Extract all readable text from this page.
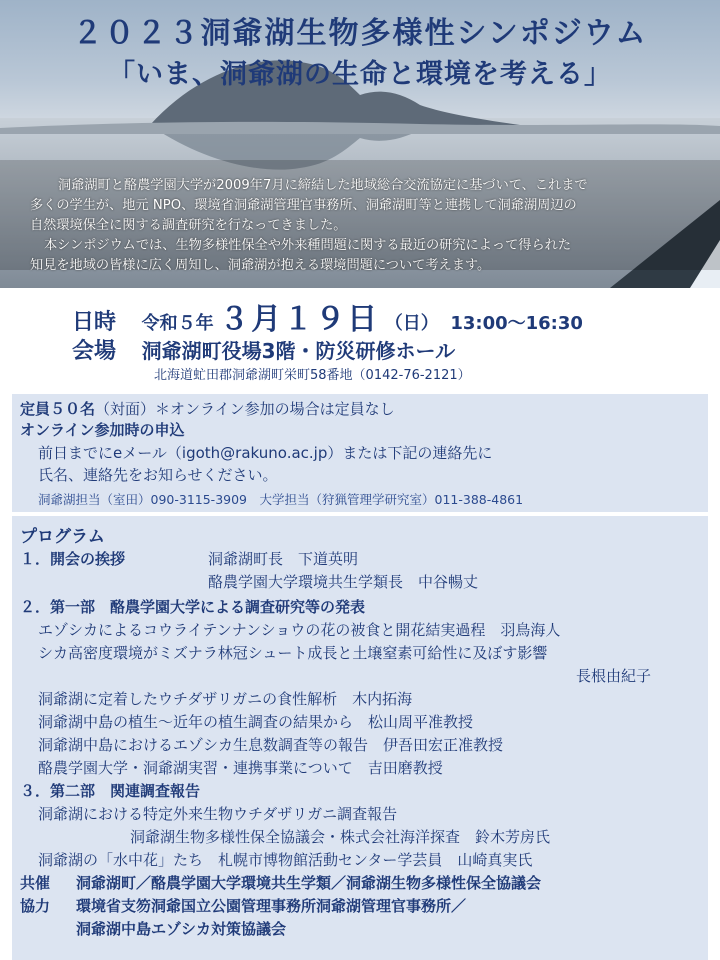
２０２３洞爺湖生物多様性シンポジウム
「いま、洞爺湖の生命と環境を考える」

洞爺湖町と酪農学園大学が2009年7月に締結した地域総合交流協定に基づいて、これまで

多くの学生が、地元 NPO、環境省洞爺湖管理官事務所、洞爺湖町等と連携して洞爺湖周辺の

自然環境保全に関する調査研究を行なってきました。

本シンポジウムでは、生物多様性保全や外来種問題に関する最近の研究によって得られた

知見を地域の皆様に広く周知し、洞爺湖が抱える環境問題について考えます。

日時 令和５年 ３月１９日 （日） 13:00〜16:30
会場 洞爺湖町役場3階・防災研修ホール
北海道虻田郡洞爺湖町栄町58番地（0142-76-2121）
定員５０名（対面）＊オンライン参加の場合は定員なし
オンライン参加時の申込
前日までにeメール（igoth@rakuno.ac.jp）または下記の連絡先に
氏名、連絡先をお知らせください。
洞爺湖担当（室田）090-3115-3909　大学担当（狩猟管理学研究室）011-388-4861
プログラム
１．開会の挨拶	洞爺湖町長　下道英明
酪農学園大学環境共生学類長　中谷暢丈
２．第一部　酪農学園大学による調査研究等の発表
エゾシカによるコウライテンナンショウの花の被食と開花結実過程　羽鳥海人
シカ高密度環境がミズナラ林冠シュート成長と土壌窒素可給性に及ぼす影響
長根由紀子
洞爺湖に定着したウチダザリガニの食性解析　木内拓海
洞爺湖中島の植生〜近年の植生調査の結果から　松山周平准教授
洞爺湖中島におけるエゾシカ生息数調査等の報告　伊吾田宏正准教授
酪農学園大学・洞爺湖実習・連携事業について　吉田磨教授
３．第二部　関連調査報告
洞爺湖における特定外来生物ウチダザリガニ調査報告
洞爺湖生物多様性保全協議会・株式会社海洋探査　鈴木芳房氏
洞爺湖の「水中花」たち　札幌市博物館活動センター学芸員　山崎真実氏
共催 洞爺湖町／酪農学園大学環境共生学類／洞爺湖生物多様性保全協議会
協力 環境省支笏洞爺国立公園管理事務所洞爺湖管理官事務所／
洞爺湖中島エゾシカ対策協議会
